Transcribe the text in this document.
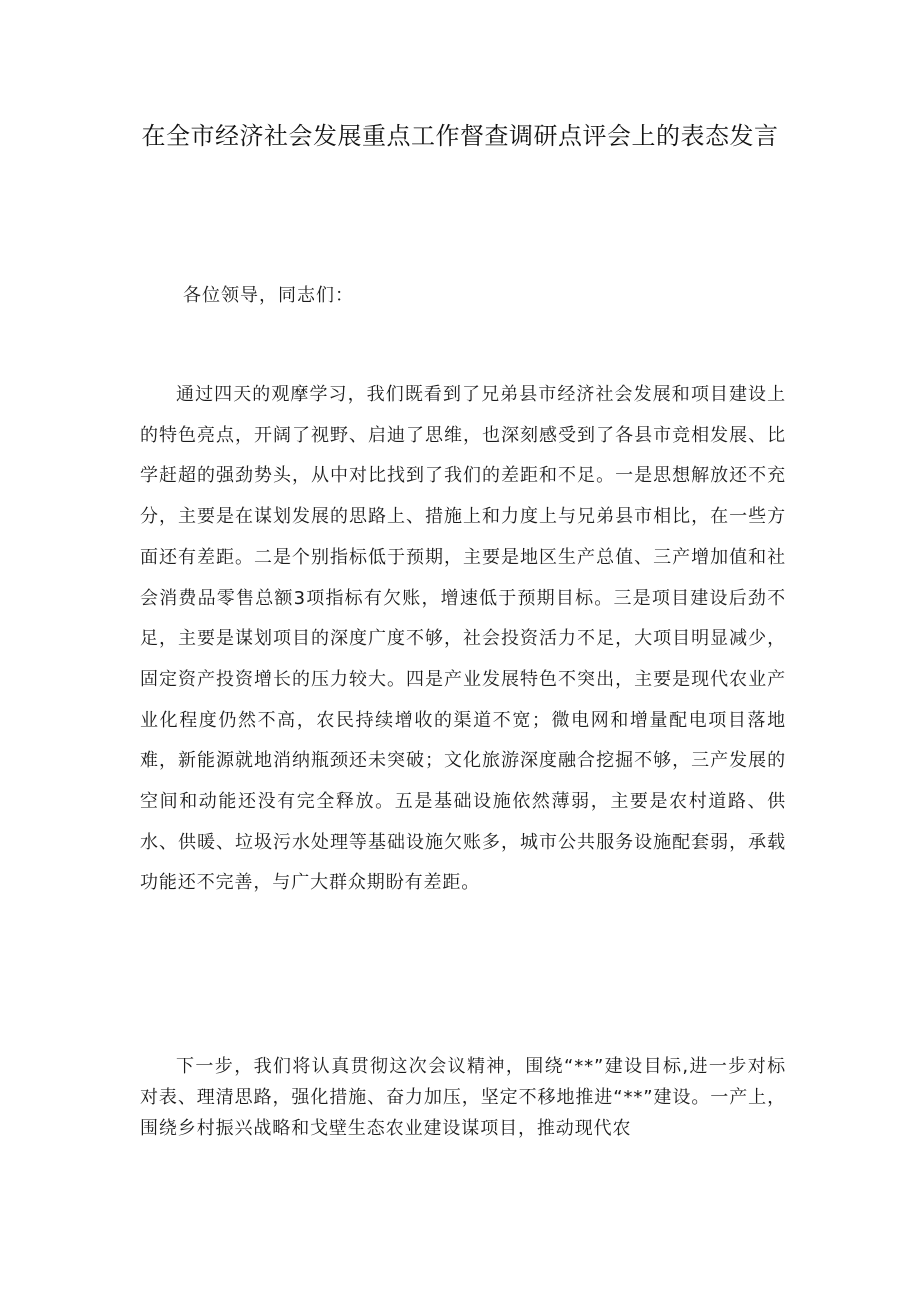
在全市经济社会发展重点工作督查调研点评会上的表态发言

各位领导，同志们：

通过四天的观摩学习，我们既看到了兄弟县市经济社会发展和项目建设上的特色亮点，开阔了视野、启迪了思维，也深刻感受到了各县市竞相发展、比学赶超的强劲势头，从中对比找到了我们的差距和不足。一是思想解放还不充分，主要是在谋划发展的思路上、措施上和力度上与兄弟县市相比，在一些方面还有差距。二是个别指标低于预期，主要是地区生产总值、三产增加值和社会消费品零售总额3项指标有欠账，增速低于预期目标。三是项目建设后劲不足，主要是谋划项目的深度广度不够，社会投资活力不足，大项目明显减少，固定资产投资增长的压力较大。四是产业发展特色不突出，主要是现代农业产业化程度仍然不高，农民持续增收的渠道不宽；微电网和增量配电项目落地难，新能源就地消纳瓶颈还未突破；文化旅游深度融合挖掘不够，三产发展的空间和动能还没有完全释放。五是基础设施依然薄弱，主要是农村道路、供水、供暖、垃圾污水处理等基础设施欠账多，城市公共服务设施配套弱，承载功能还不完善，与广大群众期盼有差距。

下一步，我们将认真贯彻这次会议精神，围绕“**”建设目标,进一步对标对表、理清思路，强化措施、奋力加压，坚定不移地推进“**”建设。一产上，围绕乡村振兴战略和戈壁生态农业建设谋项目，推动现代农
